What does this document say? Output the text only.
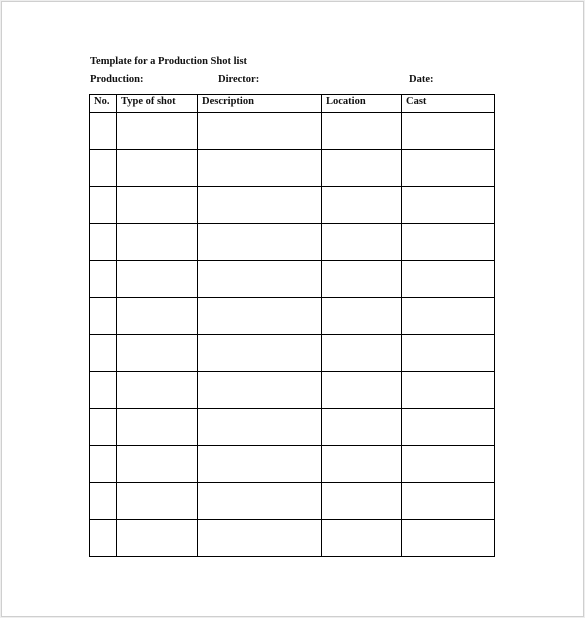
Template for a Production Shot list
Production:	Director:	Date:
No.	Type of shot	Description	Location	Cast
